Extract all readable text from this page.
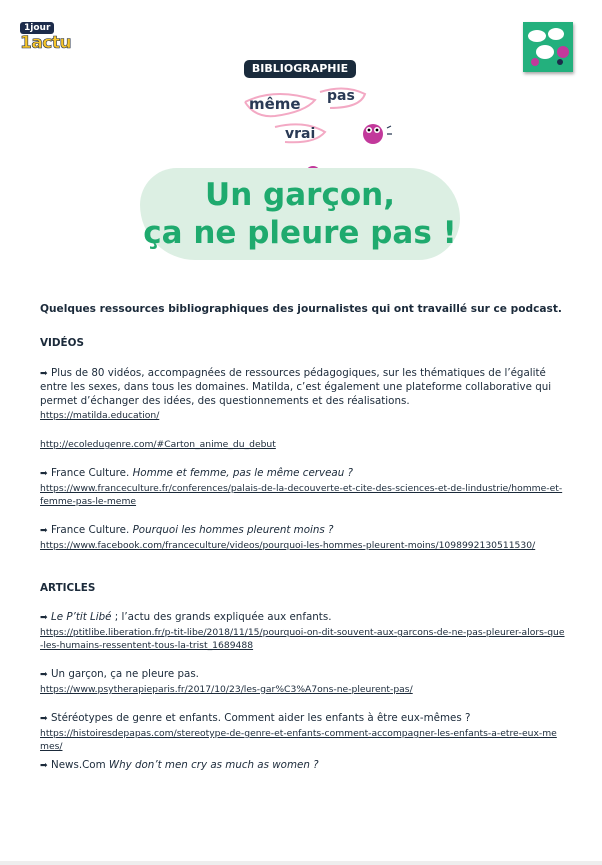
1jour
1actu
BIBLIOGRAPHIE
même pas
vrai
Un garçon,
ça ne pleure pas !
Quelques ressources bibliographiques des journalistes qui ont travaillé sur ce podcast.
VIDÉOS
➡ Plus de 80 vidéos, accompagnées de ressources pédagogiques, sur les thématiques de l’égalité entre les sexes, dans tous les domaines. Matilda, c’est également une plateforme collaborative qui permet d’échanger des idées, des questionnements et des réalisations.
https://matilda.education/
http://ecoledugenre.com/#Carton_anime_du_debut
➡ France Culture. Homme et femme, pas le même cerveau ?
https://www.franceculture.fr/conferences/palais-de-la-decouverte-et-cite-des-sciences-et-de-lindustrie/homme-et-femme-pas-le-meme
➡ France Culture. Pourquoi les hommes pleurent moins ?
https://www.facebook.com/franceculture/videos/pourquoi-les-hommes-pleurent-moins/1098992130511530/
ARTICLES
➡ Le P’tit Libé ; l’actu des grands expliquée aux enfants.
https://ptitlibe.liberation.fr/p-tit-libe/2018/11/15/pourquoi-on-dit-souvent-aux-garcons-de-ne-pas-pleurer-alors-que-les-humains-ressentent-tous-la-trist_1689488
➡ Un garçon, ça ne pleure pas.
https://www.psytherapieparis.fr/2017/10/23/les-gar%C3%A7ons-ne-pleurent-pas/
➡ Stéréotypes de genre et enfants. Comment aider les enfants à être eux-mêmes ?
https://histoiresdepapas.com/stereotype-de-genre-et-enfants-comment-accompagner-les-enfants-a-etre-eux-memes/
➡ News.Com Why don’t men cry as much as women ?
